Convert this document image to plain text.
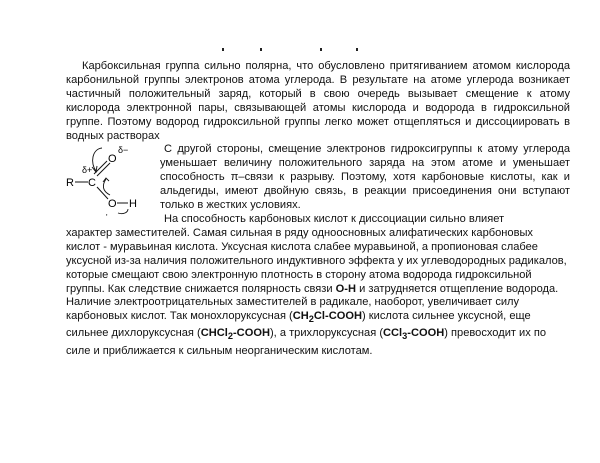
Карбоксильная группа сильно полярна, что обусловлено притягиванием атомом кислорода карбонильной группы электронов атома углерода. В результате на атоме углерода возникает частичный положительный заряд, который в свою очередь вызывает смещение к атому кислорода электронной пары, связывающей атомы кислорода и водорода в гидроксильной группе. Поэтому водород гидроксильной группы легко может отщепляться и диссоциировать в водных растворах

R C
O
δ−
δ+
O H
'

С другой стороны, смещение электронов гидроксигруппы к атому углерода уменьшает величину положительного заряда на этом атоме и уменьшает способность π–связи к разрыву. Поэтому, хотя карбоновые кислоты, как и альдегиды, имеют двойную связь, в реакции присоединения они вступают только в жестких условиях.

На способность карбоновых кислот к диссоциации сильно влияет

характер заместителей. Самая сильная в ряду одноосновных алифатических карбоновых кислот - муравьиная кислота. Уксусная кислота слабее муравьиной, а пропионовая слабее уксусной из-за наличия положительного индуктивного эффекта у их углеводородных радикалов, которые смещают свою электронную плотность в сторону атома водорода гидроксильной группы. Как следствие снижается полярность связи O-H и затрудняется отщепление водорода. Наличие электроотрицательных заместителей в радикале, наоборот, увеличивает силу карбоновых кислот. Так монохлоруксусная $(CH_2Cl-COOH)$ кислота сильнее уксусной, еще сильнее дихлоруксусная (CHCl$_2$-COOH), а трихлоруксусная (CCl$_3$-COOH) превосходит их по силе и приближается к сильным неорганическим кислотам.
